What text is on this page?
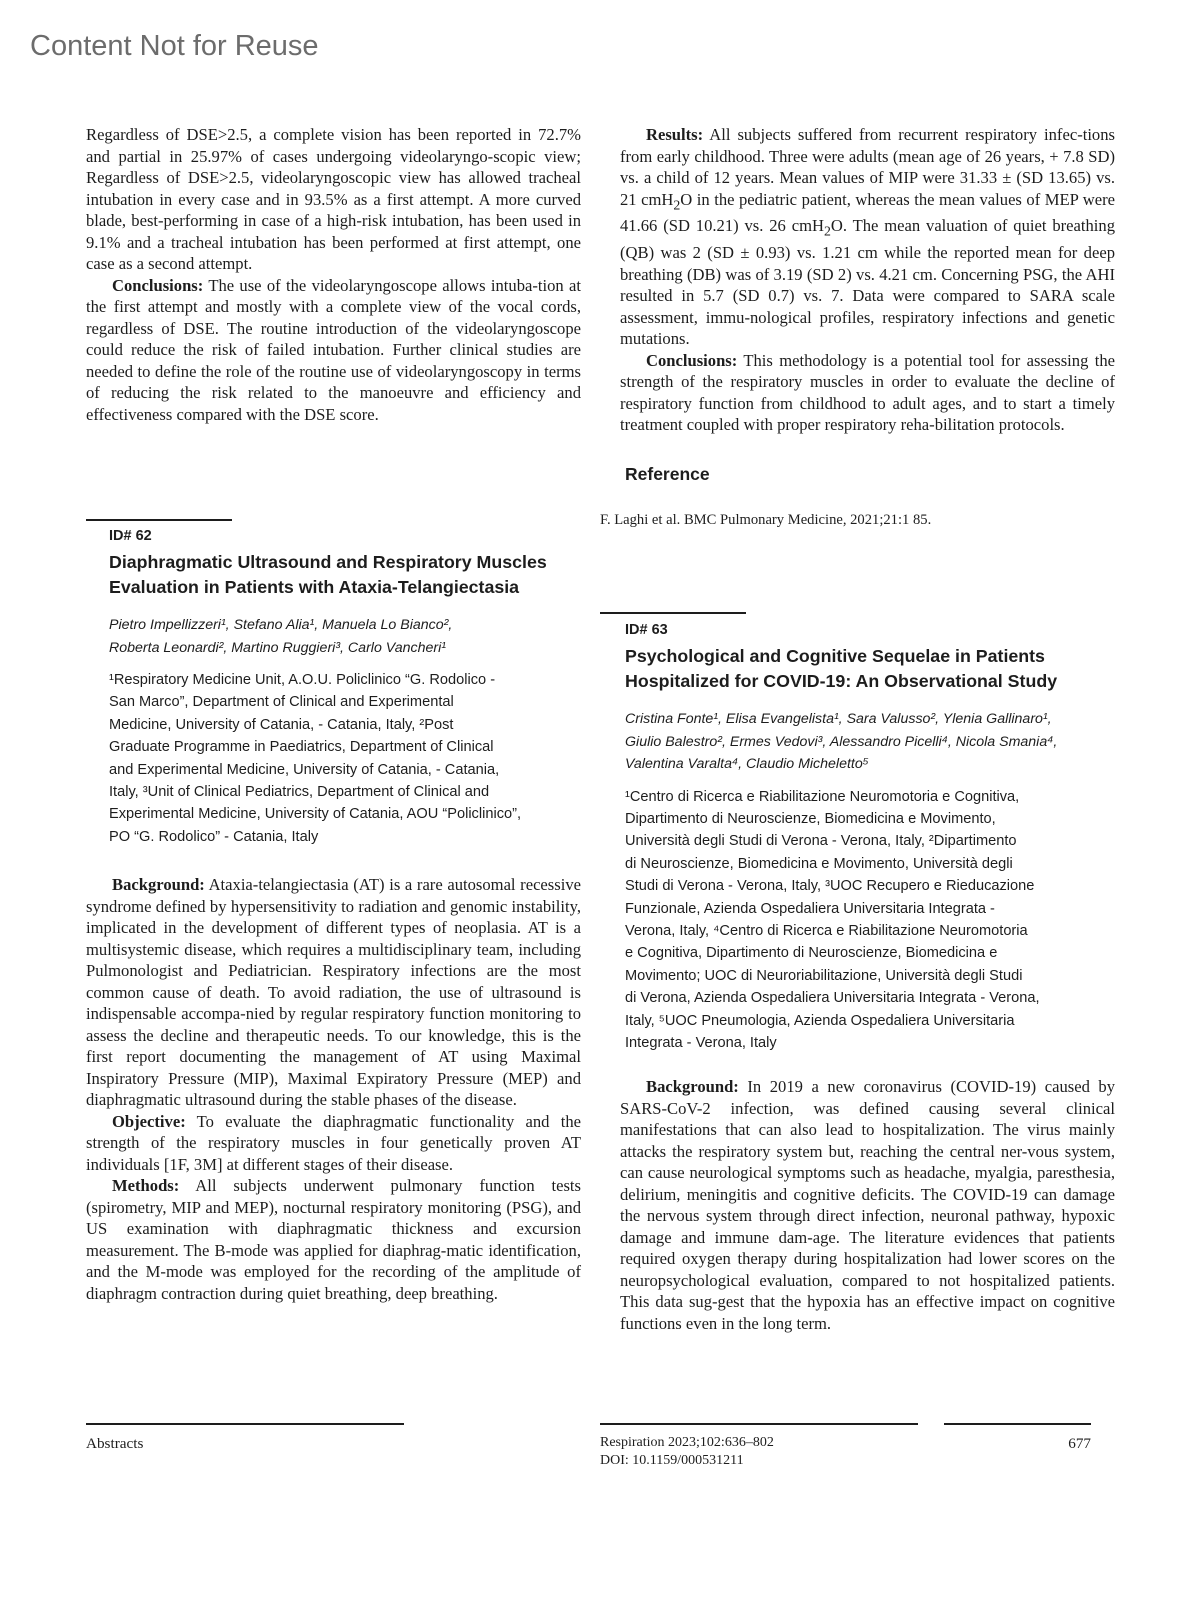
Content Not for Reuse

Regardless of DSE>2.5, a complete vision has been reported in 72.7% and partial in 25.97% of cases undergoing videolaryngo-scopic view; Regardless of DSE>2.5, videolaryngoscopic view has allowed tracheal intubation in every case and in 93.5% as a first attempt. A more curved blade, best-performing in case of a high-risk intubation, has been used in 9.1% and a tracheal intubation has been performed at first attempt, one case as a second attempt.

Conclusions: The use of the videolaryngoscope allows intuba-tion at the first attempt and mostly with a complete view of the vocal cords, regardless of DSE. The routine introduction of the videolaryngoscope could reduce the risk of failed intubation. Further clinical studies are needed to define the role of the routine use of videolaryngoscopy in terms of reducing the risk related to the manoeuvre and efficiency and effectiveness compared with the DSE score.

ID# 62
Diaphragmatic Ultrasound and Respiratory Muscles
Evaluation in Patients with Ataxia-Telangiectasia
Pietro Impellizzeri¹, Stefano Alia¹, Manuela Lo Bianco²,
Roberta Leonardi², Martino Ruggieri³, Carlo Vancheri¹
¹Respiratory Medicine Unit, A.O.U. Policlinico “G. Rodolico -
San Marco”, Department of Clinical and Experimental
Medicine, University of Catania, - Catania, Italy, ²Post
Graduate Programme in Paediatrics, Department of Clinical
and Experimental Medicine, University of Catania, - Catania,
Italy, ³Unit of Clinical Pediatrics, Department of Clinical and
Experimental Medicine, University of Catania, AOU “Policlinico”,
PO “G. Rodolico” - Catania, Italy

Background: Ataxia-telangiectasia (AT) is a rare autosomal recessive syndrome defined by hypersensitivity to radiation and genomic instability, implicated in the development of different types of neoplasia. AT is a multisystemic disease, which requires a multidisciplinary team, including Pulmonologist and Pediatrician. Respiratory infections are the most common cause of death. To avoid radiation, the use of ultrasound is indispensable accompa-nied by regular respiratory function monitoring to assess the decline and therapeutic needs. To our knowledge, this is the first report documenting the management of AT using Maximal Inspiratory Pressure (MIP), Maximal Expiratory Pressure (MEP) and diaphragmatic ultrasound during the stable phases of the disease.

Objective: To evaluate the diaphragmatic functionality and the strength of the respiratory muscles in four genetically proven AT individuals [1F, 3M] at different stages of their disease.

Methods: All subjects underwent pulmonary function tests (spirometry, MIP and MEP), nocturnal respiratory monitoring (PSG), and US examination with diaphragmatic thickness and excursion measurement. The B-mode was applied for diaphrag-matic identification, and the M-mode was employed for the recording of the amplitude of diaphragm contraction during quiet breathing, deep breathing.

Results: All subjects suffered from recurrent respiratory infec-tions from early childhood. Three were adults (mean age of 26 years, + 7.8 SD) vs. a child of 12 years. Mean values of MIP were 31.33 ± (SD 13.65) vs. 21 cmH$_2$O in the pediatric patient, whereas the mean values of MEP were 41.66 (SD 10.21) vs. 26 cmH$_2$O. The mean valuation of quiet breathing (QB) was 2 (SD ± 0.93) vs. 1.21 cm while the reported mean for deep breathing (DB) was of 3.19 (SD 2) vs. 4.21 cm. Concerning PSG, the AHI resulted in 5.7 (SD 0.7) vs. 7. Data were compared to SARA scale assessment, immu-nological profiles, respiratory infections and genetic mutations.

Conclusions: This methodology is a potential tool for assessing the strength of the respiratory muscles in order to evaluate the decline of respiratory function from childhood to adult ages, and to start a timely treatment coupled with proper respiratory reha-bilitation protocols.

Reference
F. Laghi et al. BMC Pulmonary Medicine, 2021;21:1 85.
ID# 63
Psychological and Cognitive Sequelae in Patients
Hospitalized for COVID-19: An Observational Study
Cristina Fonte¹, Elisa Evangelista¹, Sara Valusso², Ylenia Gallinaro¹,
Giulio Balestro², Ermes Vedovi³, Alessandro Picelli⁴, Nicola Smania⁴,
Valentina Varalta⁴, Claudio Micheletto⁵
¹Centro di Ricerca e Riabilitazione Neuromotoria e Cognitiva,
Dipartimento di Neuroscienze, Biomedicina e Movimento,
Università degli Studi di Verona - Verona, Italy, ²Dipartimento
di Neuroscienze, Biomedicina e Movimento, Università degli
Studi di Verona - Verona, Italy, ³UOC Recupero e Rieducazione
Funzionale, Azienda Ospedaliera Universitaria Integrata -
Verona, Italy, ⁴Centro di Ricerca e Riabilitazione Neuromotoria
e Cognitiva, Dipartimento di Neuroscienze, Biomedicina e
Movimento; UOC di Neuroriabilitazione, Università degli Studi
di Verona, Azienda Ospedaliera Universitaria Integrata - Verona,
Italy, ⁵UOC Pneumologia, Azienda Ospedaliera Universitaria
Integrata - Verona, Italy

Background: In 2019 a new coronavirus (COVID-19) caused by SARS-CoV-2 infection, was defined causing several clinical manifestations that can also lead to hospitalization. The virus mainly attacks the respiratory system but, reaching the central ner-vous system, can cause neurological symptoms such as headache, myalgia, paresthesia, delirium, meningitis and cognitive deficits. The COVID-19 can damage the nervous system through direct infection, neuronal pathway, hypoxic damage and immune dam-age. The literature evidences that patients required oxygen therapy during hospitalization had lower scores on the neuropsychological evaluation, compared to not hospitalized patients. This data sug-gest that the hypoxia has an effective impact on cognitive functions even in the long term.

Abstracts	Respiration 2023;102:636–802
DOI: 10.1159/000531211
677
